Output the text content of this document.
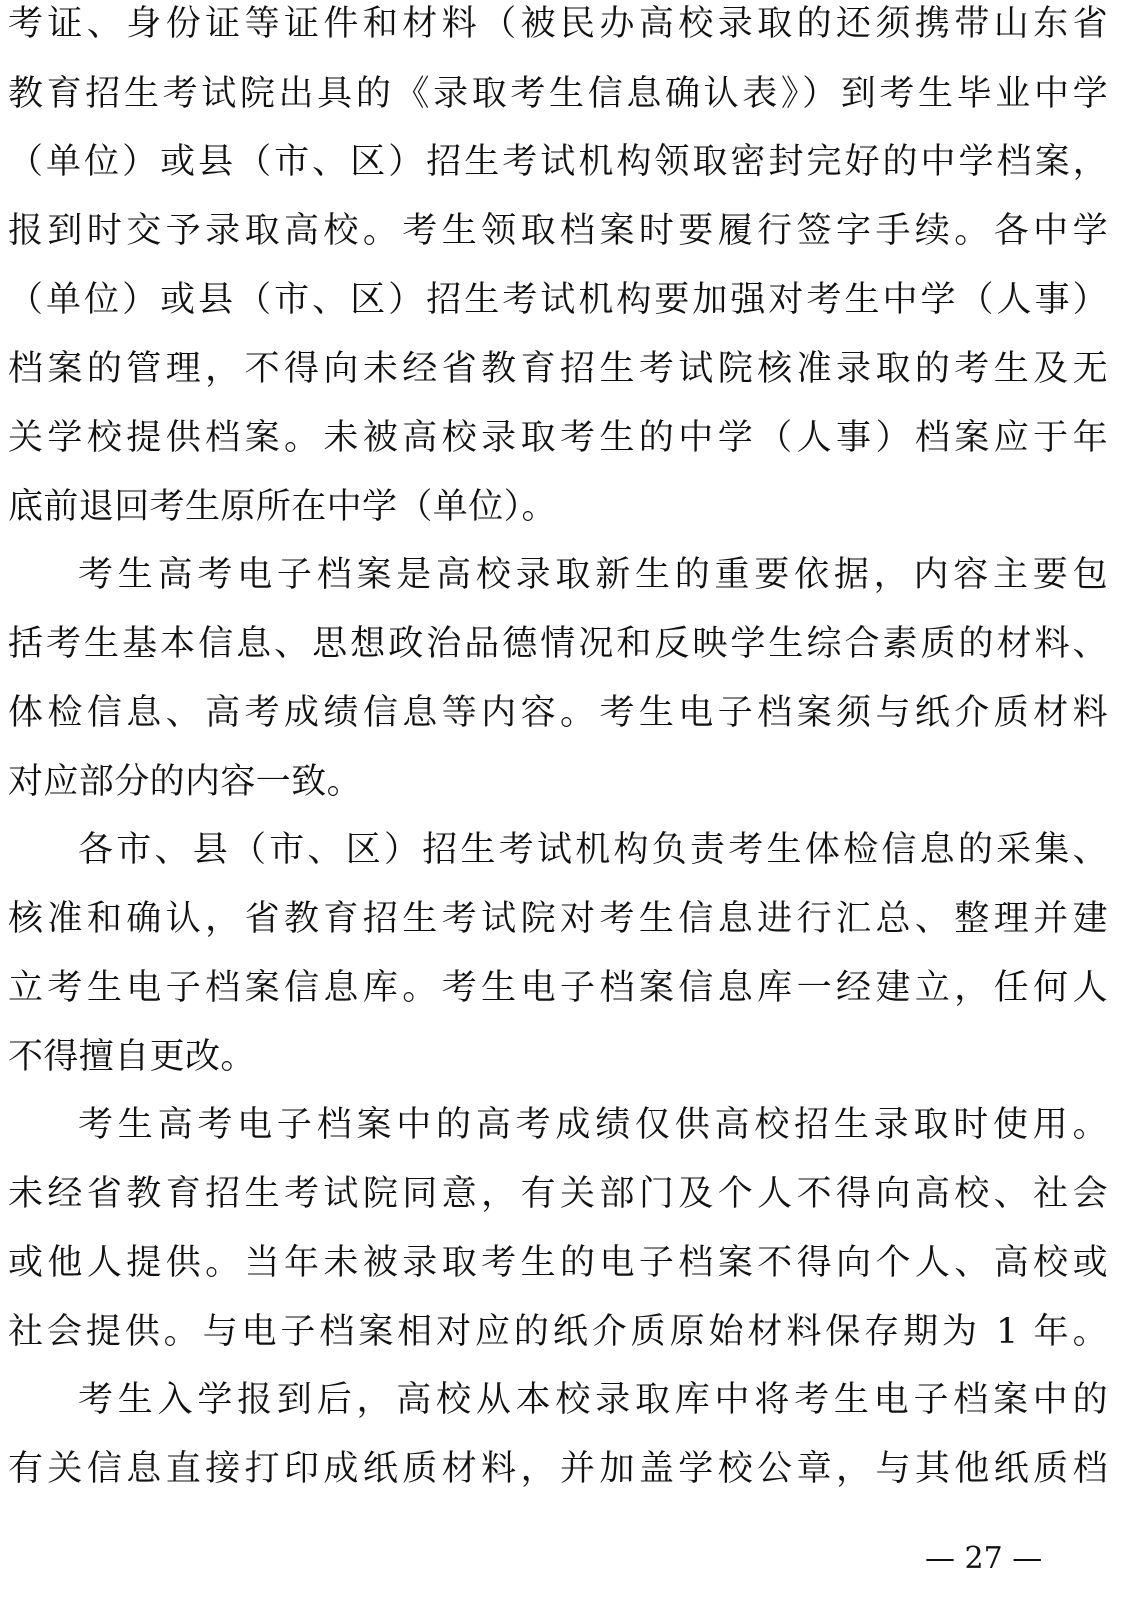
考证、身份证等证件和材料（被民办高校录取的还须携带山东省
教育招生考试院出具的《录取考生信息确认表》）到考生毕业中学
（单位）或县（市、区）招生考试机构领取密封完好的中学档案，
报到时交予录取高校。考生领取档案时要履行签字手续。各中学
（单位）或县（市、区）招生考试机构要加强对考生中学（人事）
档案的管理，不得向未经省教育招生考试院核准录取的考生及无
关学校提供档案。未被高校录取考生的中学（人事）档案应于年
底前退回考生原所在中学（单位）。
考生高考电子档案是高校录取新生的重要依据，内容主要包
括考生基本信息、思想政治品德情况和反映学生综合素质的材料、
体检信息、高考成绩信息等内容。考生电子档案须与纸介质材料
对应部分的内容一致。
各市、县（市、区）招生考试机构负责考生体检信息的采集、
核准和确认，省教育招生考试院对考生信息进行汇总、整理并建
立考生电子档案信息库。考生电子档案信息库一经建立，任何人
不得擅自更改。
考生高考电子档案中的高考成绩仅供高校招生录取时使用。
未经省教育招生考试院同意，有关部门及个人不得向高校、社会
或他人提供。当年未被录取考生的电子档案不得向个人、高校或
社会提供。与电子档案相对应的纸介质原始材料保存期为 1 年。
考生入学报到后，高校从本校录取库中将考生电子档案中的
有关信息直接打印成纸质材料，并加盖学校公章，与其他纸质档
— 27 —
